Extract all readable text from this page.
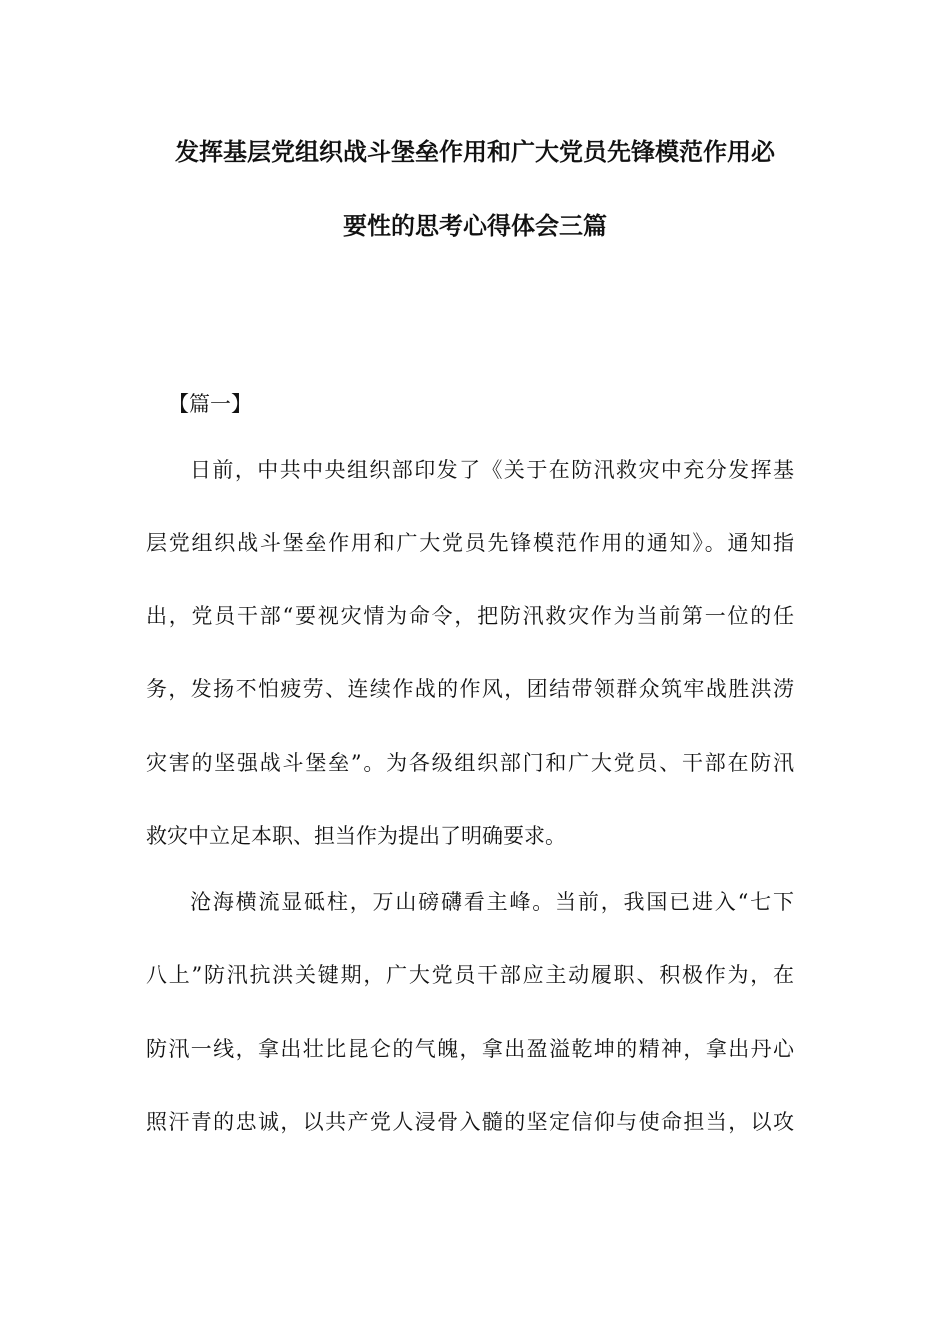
发挥基层党组织战斗堡垒作用和广大党员先锋模范作用必
要性的思考心得体会三篇

【篇一】

日前，中共中央组织部印发了《关于在防汛救灾中充分发挥基

层党组织战斗堡垒作用和广大党员先锋模范作用的通知》。通知指

出，党员干部“要视灾情为命令，把防汛救灾作为当前第一位的任

务，发扬不怕疲劳、连续作战的作风，团结带领群众筑牢战胜洪涝

灾害的坚强战斗堡垒”。为各级组织部门和广大党员、干部在防汛

救灾中立足本职、担当作为提出了明确要求。

沧海横流显砥柱，万山磅礴看主峰。当前，我国已进入“七下

八上”防汛抗洪关键期，广大党员干部应主动履职、积极作为，在

防汛一线，拿出壮比昆仑的气魄，拿出盈溢乾坤的精神，拿出丹心

照汗青的忠诚，以共产党人浸骨入髓的坚定信仰与使命担当，以攻
